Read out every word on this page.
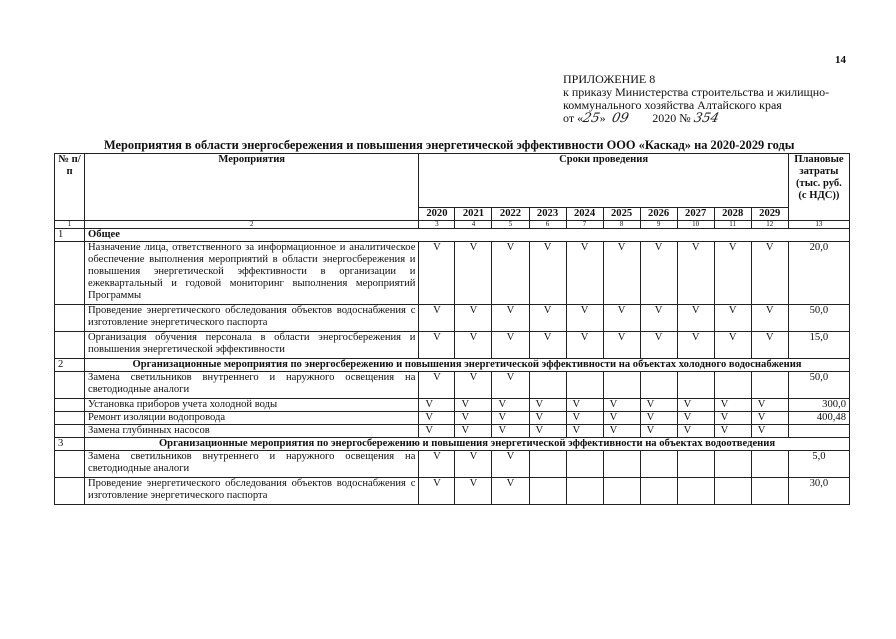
14
ПРИЛОЖЕНИЕ 8
к приказу Министерства строительства и жилищно-
коммунального хозяйства Алтайского края
от «25» 09 2020 № 354
Мероприятия в области энергосбережения и повышения энергетической эффективности ООО «Каскад» на 2020-2029 годы
№ п/п	Мероприятия	Сроки проведения										Плановые затраты (тыс. руб. (с НДС))
		2020	2021	2022	2023	2024	2025	2026	2027	2028	2029	
1	2	3	4	5	6	7	8	9	10	11	12	13
1	Общее											
	Назначение лица, ответственного за информационное и аналитическое обеспечение выполнения мероприятий в области энергосбережения и повышения энергетической эффективности в организации и ежеквартальный и годовой мониторинг выполнения мероприятий Программы	V	V	V	V	V	V	V	V	V	V	20,0
	Проведение энергетического обследования объектов водоснабжения с изготовление энергетического паспорта	V	V	V	V	V	V	V	V	V	V	50,0
	Организация обучения персонала в области энергосбережения и повышения энергетической эффективности	V	V	V	V	V	V	V	V	V	V	15,0
2	Организационные мероприятия по энергосбережению и повышения энергетической эффективности на объектах холодного водоснабжения											
	Замена светильников внутреннего и наружного освещения на светодиодные аналоги	V	V	V								50,0
	Установка приборов учета холодной воды	V	V	V	V	V	V	V	V	V	V	300,0
	Ремонт изоляции водопровода	V	V	V	V	V	V	V	V	V	V	400,48
	Замена глубинных насосов	V	V	V	V	V	V	V	V	V	V	
3	Организационные мероприятия по энергосбережению и повышения энергетической эффективности на объектах водоотведения											
	Замена светильников внутреннего и наружного освещения на светодиодные аналоги	V	V	V								5,0
	Проведение энергетического обследования объектов водоснабжения с изготовление энергетического паспорта	V	V	V								30,0
